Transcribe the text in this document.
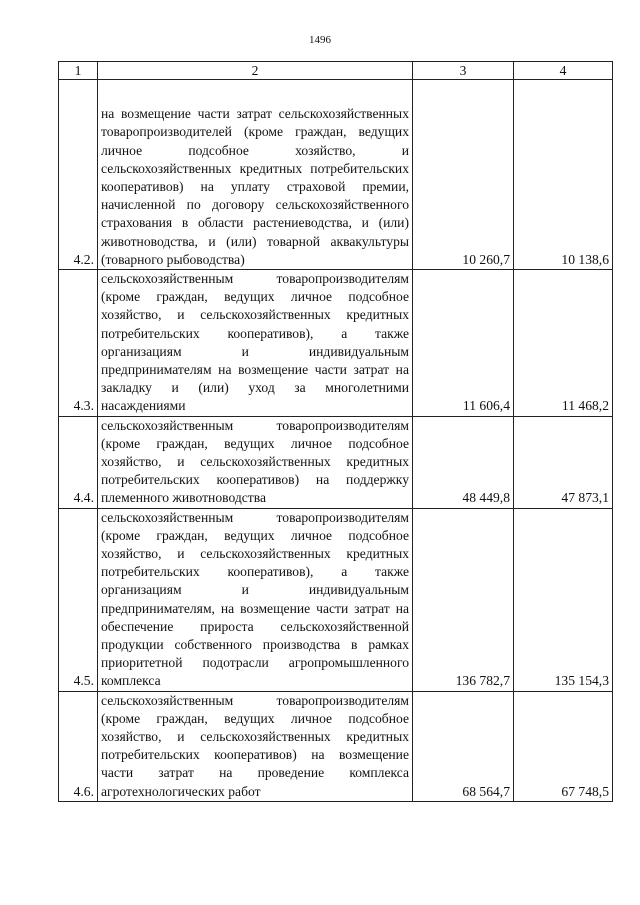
1496
1	2	3	4
4.2.	на возмещение части затрат сельскохозяйственных товаропроизводителей (кроме граждан, ведущих личное подсобное хозяйство, и сельскохозяйственных кредитных потребительских кооперативов) на уплату страховой премии, начисленной по договору сельскохозяйственного страхования в области растениеводства, и (или) животноводства, и (или) товарной аквакультуры (товарного рыбоводства)	10 260,7	10 138,6
4.3.	сельскохозяйственным товаропроизводителям (кроме граждан, ведущих личное подсобное хозяйство, и сельскохозяйственных кредитных потребительских кооперативов), а также организациям и индивидуальным предпринимателям на возмещение части затрат на закладку и (или) уход за многолетними насаждениями	11 606,4	11 468,2
4.4.	сельскохозяйственным товаропроизводителям (кроме граждан, ведущих личное подсобное хозяйство, и сельскохозяйственных кредитных потребительских кооперативов) на поддержку племенного животноводства	48 449,8	47 873,1
4.5.	сельскохозяйственным товаропроизводителям (кроме граждан, ведущих личное подсобное хозяйство, и сельскохозяйственных кредитных потребительских кооперативов), а также организациям и индивидуальным предпринимателям, на возмещение части затрат на обеспечение прироста сельскохозяйственной продукции собственного производства в рамках приоритетной подотрасли агропромышленного комплекса	136 782,7	135 154,3
4.6.	сельскохозяйственным товаропроизводителям (кроме граждан, ведущих личное подсобное хозяйство, и сельскохозяйственных кредитных потребительских кооперативов) на возмещение части затрат на проведение комплекса агротехнологических работ	68 564,7	67 748,5
